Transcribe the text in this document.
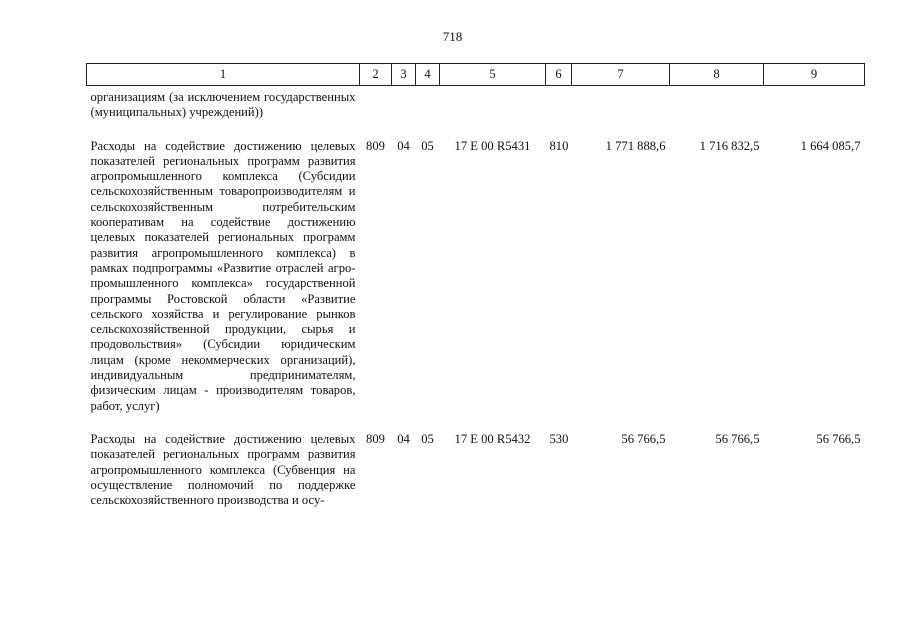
718
1	2	3	4	5	6	7	8	9
организациям (за исключением государственных (муниципальных) учреждений))								
Расходы на содействие достижению целевых показателей региональных программ развития агропромышленного комплекса (Субсидии сельскохозяйственным товаропроизводителям и сельскохозяйственным потребительским кооперативам на содействие достижению целевых показателей региональных программ развития агропромышленного комплекса) в рамках подпрограммы «Развитие отраслей агропромышленного комплекса» государственной программы Ростовской области «Развитие сельского хозяйства и регулирование рынков сельскохозяйственной продукции, сырья и продовольствия» (Субсидии юридическим лицам (кроме некоммерческих организаций), индивидуальным предпринимателям, физическим лицам - производителям товаров, работ, услуг)	809	04	05	17 Е 00 R5431	810	1 771 888,6	1 716 832,5	1 664 085,7
Расходы на содействие достижению целевых показателей региональных программ развития агропромышленного комплекса (Субвенция на осуществление полномочий по поддержке сельскохозяйственного производства и осу-	809	04	05	17 Е 00 R5432	530	56 766,5	56 766,5	56 766,5
